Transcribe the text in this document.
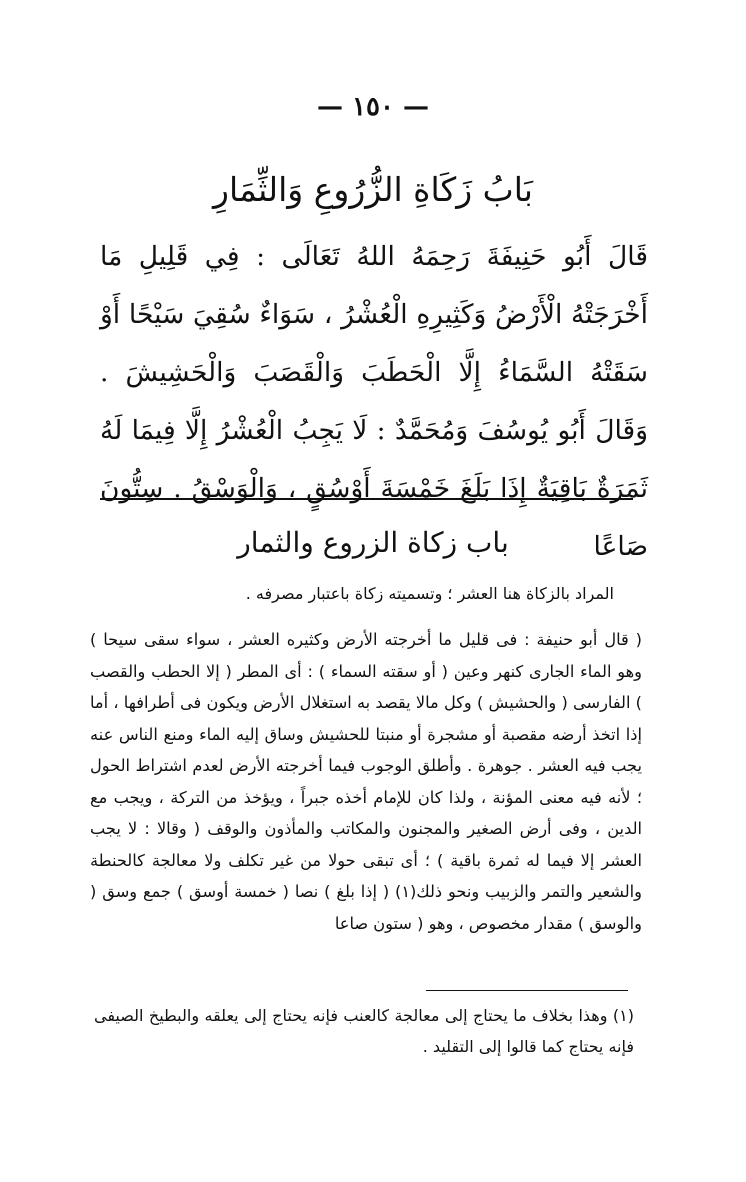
— ١٥٠ —
بَابُ زَكَاةِ الزُّرُوعِ وَالثِّمَارِ
قَالَ أَبُو حَنِيفَةَ رَحِمَهُ اللهُ تَعَالَى : فِي قَلِيلِ مَا أَخْرَجَتْهُ الْأَرْضُ وَكَثِيرِهِ الْعُشْرُ ، سَوَاءٌ سُقِيَ سَيْحًا أَوْ سَقَتْهُ السَّمَاءُ إِلَّا الْحَطَبَ وَالْقَصَبَ وَالْحَشِيشَ . وَقَالَ أَبُو يُوسُفَ وَمُحَمَّدٌ : لَا يَجِبُ الْعُشْرُ إِلَّا فِيمَا لَهُ ثَمَرَةٌ بَاقِيَةٌ إِذَا بَلَغَ خَمْسَةَ أَوْسُقٍ ، وَالْوَسْقُ . سِتُّونَ صَاعًا
باب زكاة الزروع والثمار
المراد بالزكاة هنا العشر ؛ وتسميته زكاة باعتبار مصرفه .
( قال أبو حنيفة : فى قليل ما أخرجته الأرض وكثيره العشر ، سواء سقى سيحا ) وهو الماء الجارى كنهر وعين ( أو سقته السماء ) : أى المطر ( إلا الحطب والقصب ) الفارسى ( والحشيش ) وكل مالا يقصد به استغلال الأرض ويكون فى أطرافها ، أما إذا اتخذ أرضه مقصبة أو مشجرة أو منبتا للحشيش وساق إليه الماء ومنع الناس عنه يجب فيه العشر . جوهرة . وأطلق الوجوب فيما أخرجته الأرض لعدم اشتراط الحول ؛ لأنه فيه معنى المؤنة ، ولذا كان للإمام أخذه جبراً ، ويؤخذ من التركة ، ويجب مع الدين ، وفى أرض الصغير والمجنون والمكاتب والمأذون والوقف ( وقالا : لا يجب العشر إلا فيما له ثمرة باقية ) ؛ أى تبقى حولا من غير تكلف ولا معالجة كالحنطة والشعير والتمر والزبيب ونحو ذلك(١) ( إذا بلغ ) نصا ( خمسة أوسق ) جمع وسق ( والوسق ) مقدار مخصوص ، وهو ( ستون صاعا
(١) وهذا بخلاف ما يحتاج إلى معالجة كالعنب فإنه يحتاج إلى يعلقه والبطيخ الصيفى فإنه يحتاج كما قالوا إلى التقليد .
